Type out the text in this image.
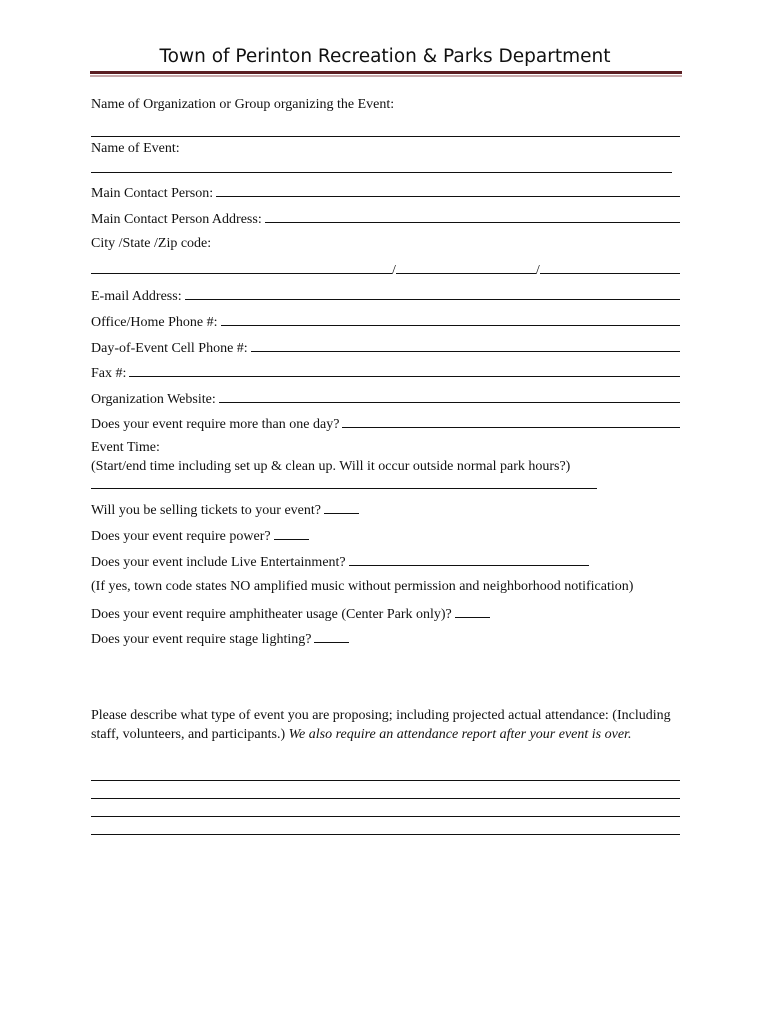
Town of Perinton Recreation & Parks Department
Name of Organization or Group organizing the Event:
Name of Event:
Main Contact Person:
Main Contact Person Address:
City /State /Zip code:
/	/
E-mail Address:
Office/Home Phone #:
Day-of-Event Cell Phone #:
Fax #:
Organization Website:
Does your event require more than one day?
Event Time:
(Start/end time including set up & clean up. Will it occur outside normal park hours?)
Will you be selling tickets to your event?
Does your event require power?
Does your event include Live Entertainment?
(If yes, town code states NO amplified music without permission and neighborhood notification)
Does your event require amphitheater usage (Center Park only)?
Does your event require stage lighting?
Please describe what type of event you are proposing; including projected actual attendance: (Including staff, volunteers, and participants.) We also require an attendance report after your event is over.
